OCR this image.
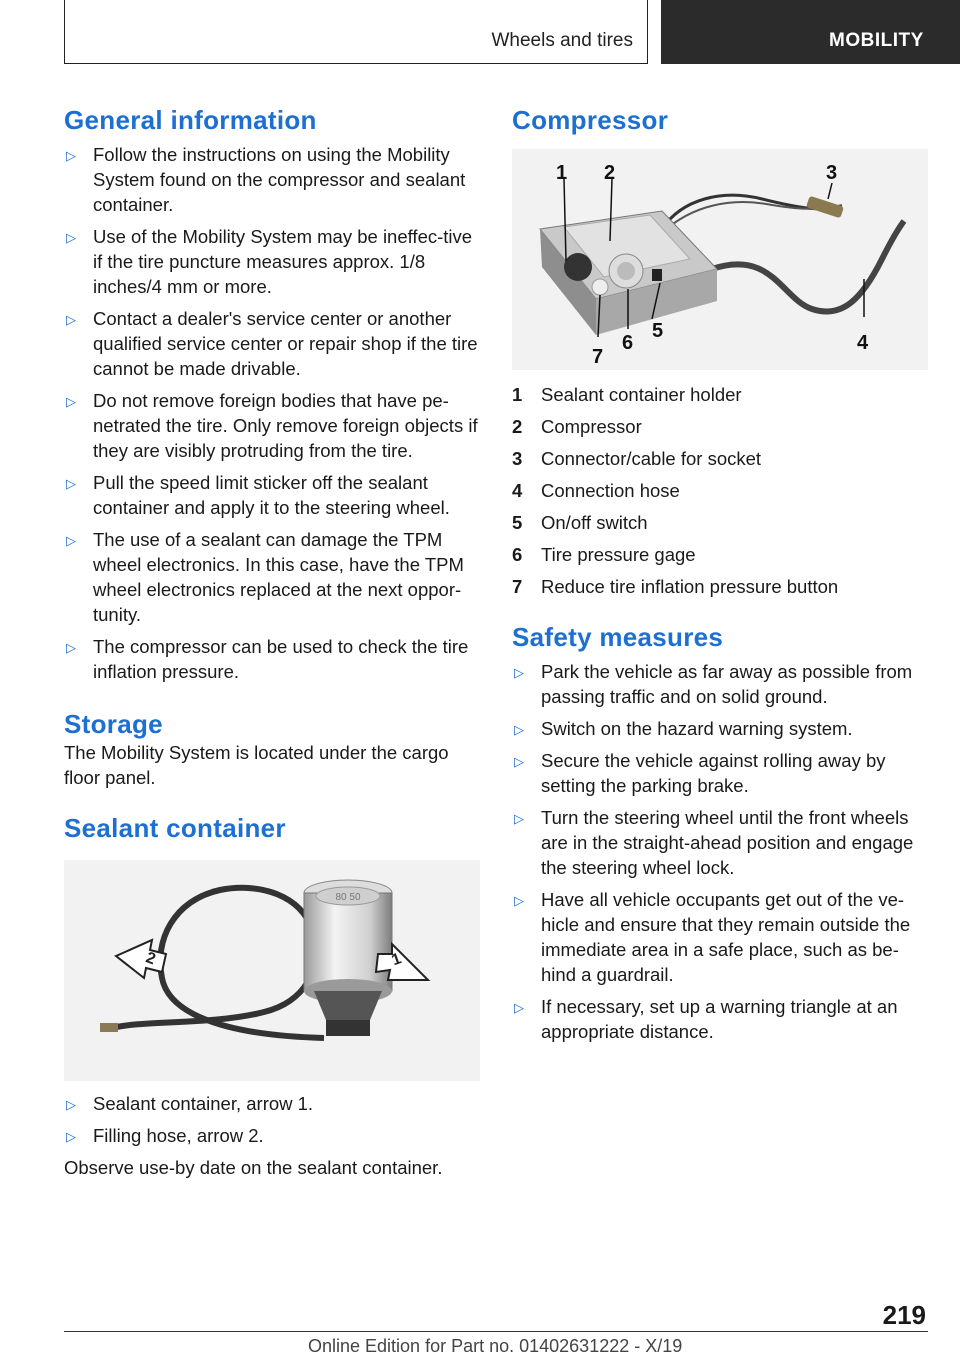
Wheels and tires	MOBILITY
General information
▷ Follow the instructions on using the Mobility System found on the compressor and sealant container.
▷ Use of the Mobility System may be ineffec-tive if the tire puncture measures approx. 1/8 inches/4 mm or more.
▷ Contact a dealer's service center or another qualified service center or repair shop if the tire cannot be made drivable.
▷ Do not remove foreign bodies that have pe-netrated the tire. Only remove foreign objects if they are visibly protruding from the tire.
▷ Pull the speed limit sticker off the sealant container and apply it to the steering wheel.
▷ The use of a sealant can damage the TPM wheel electronics. In this case, have the TPM wheel electronics replaced at the next oppor-tunity.
▷ The compressor can be used to check the tire inflation pressure.
Storage

The Mobility System is located under the cargo floor panel.

Sealant container
80 50
2	1
▷ Sealant container, arrow 1.
▷ Filling hose, arrow 2.

Observe use-by date on the sealant container.

Compressor
1 2	3
4
5
6
7
1	Sealant container holder
2	Compressor
3	Connector/cable for socket
4	Connection hose
5	On/off switch
6	Tire pressure gage
7	Reduce tire inflation pressure button
Safety measures
▷ Park the vehicle as far away as possible from passing traffic and on solid ground.
▷ Switch on the hazard warning system.
▷ Secure the vehicle against rolling away by setting the parking brake.
▷ Turn the steering wheel until the front wheels are in the straight-ahead position and engage the steering wheel lock.
▷ Have all vehicle occupants get out of the ve-hicle and ensure that they remain outside the immediate area in a safe place, such as be-hind a guardrail.
▷ If necessary, set up a warning triangle at an appropriate distance.
219
Online Edition for Part no. 01402631222 - X/19
